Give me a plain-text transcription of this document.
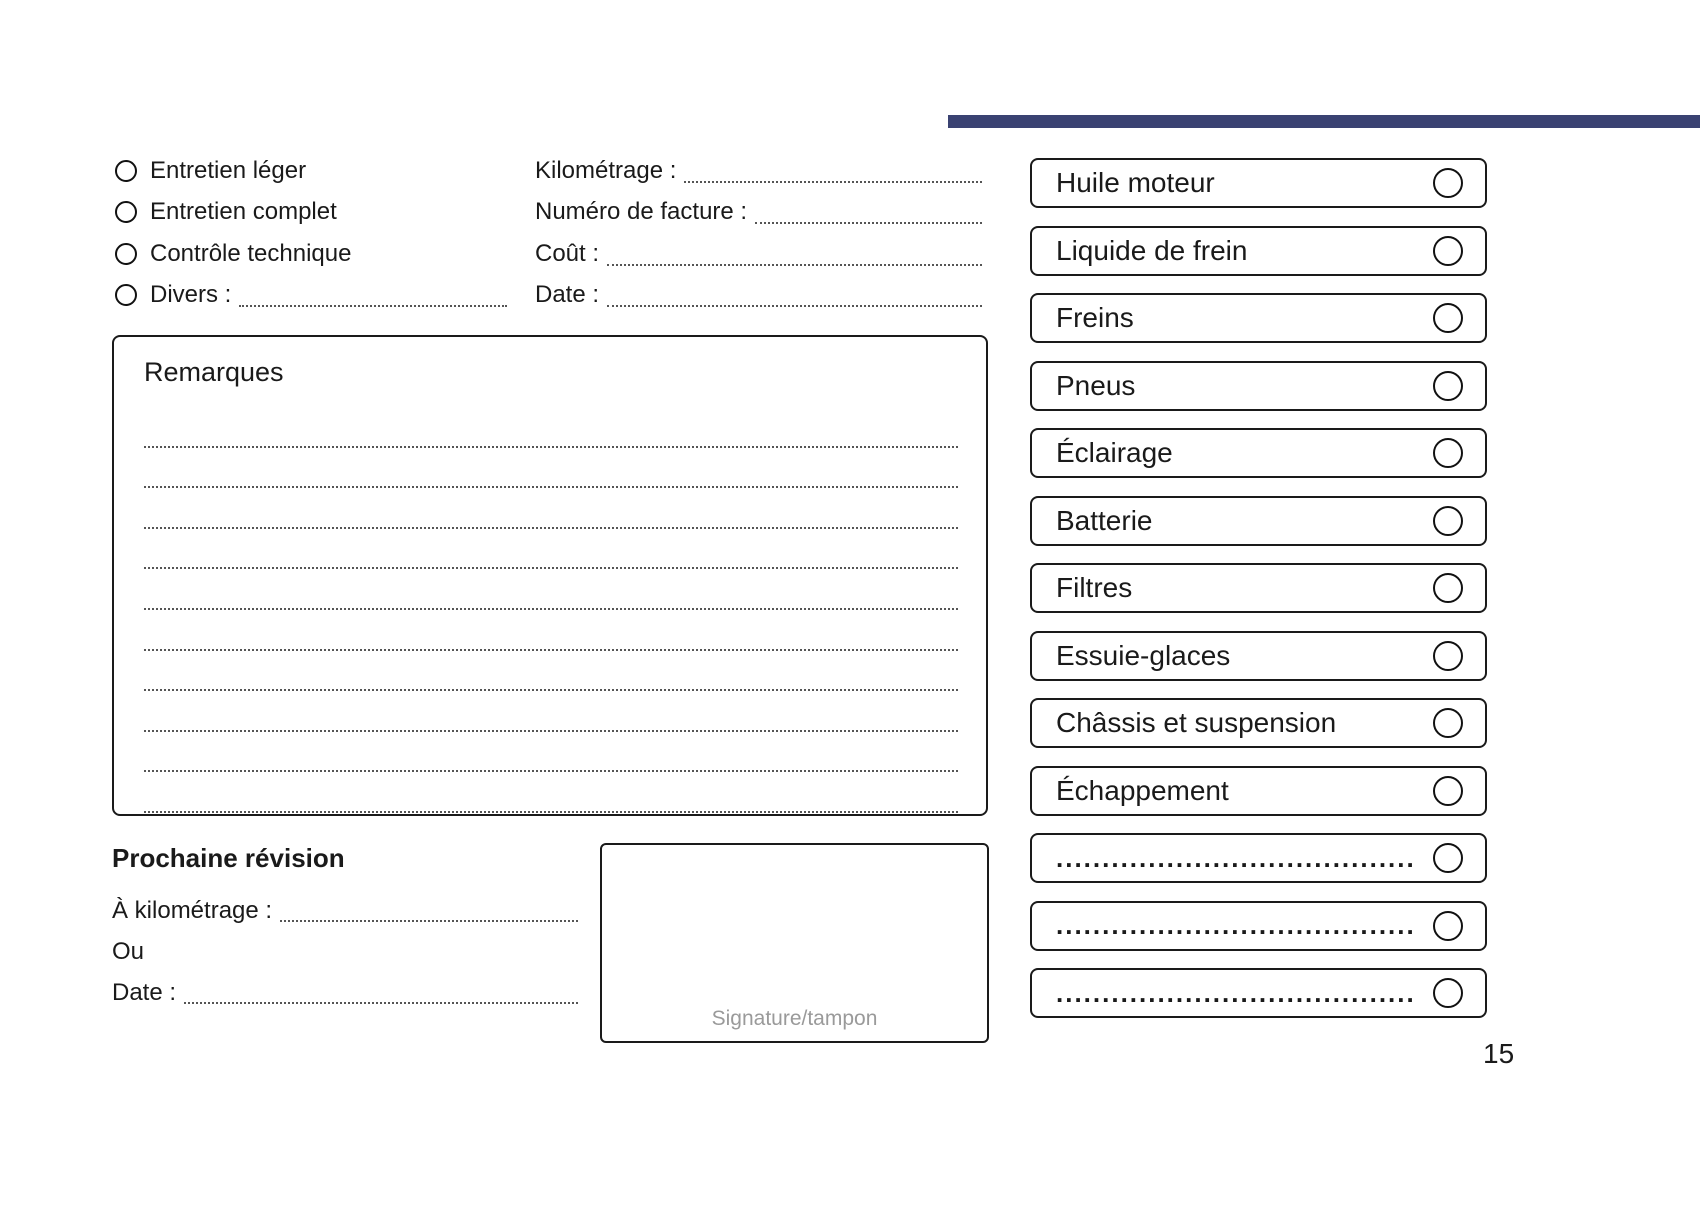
Entretien léger
Entretien complet
Contrôle technique
Divers :
Kilométrage :
Numéro de facture :
Coût :
Date :
Remarques
Prochaine révision
À kilométrage :
Ou
Date :
Signature/tampon
Huile moteur
Liquide de frein
Freins
Pneus
Éclairage
Batterie
Filtres
Essuie-glaces
Châssis et suspension
Échappement
.......................................
.......................................
.......................................
15
